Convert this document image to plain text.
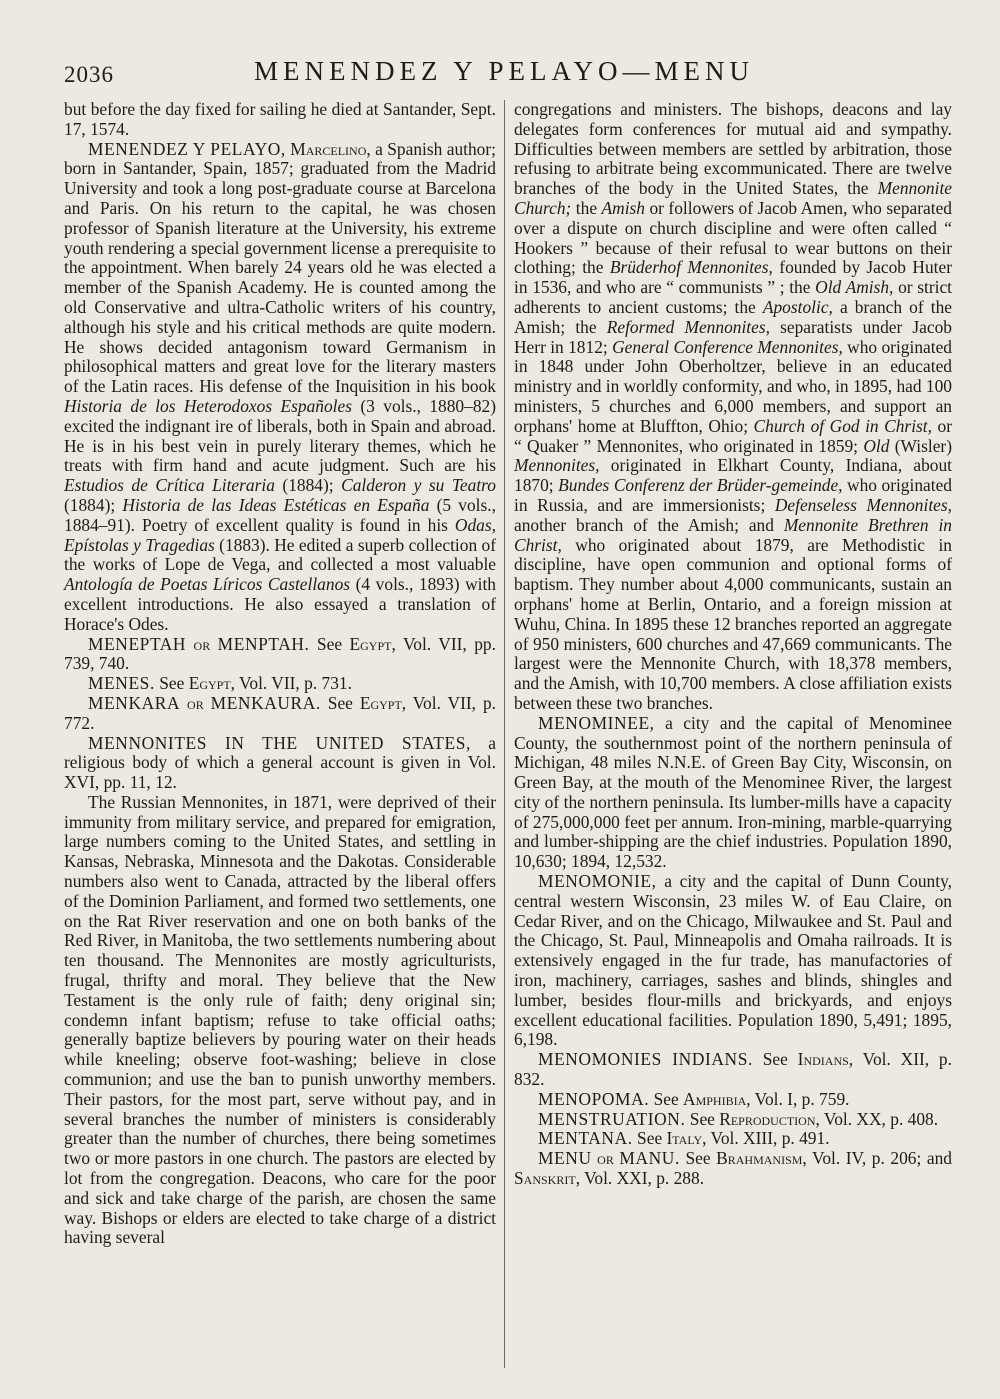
2036	MENENDEZ Y PELAYO—MENU

but before the day fixed for sailing he died at Santander, Sept. 17, 1574.

MENENDEZ Y PELAYO, Marcelino, a Spanish author; born in Santander, Spain, 1857; graduated from the Madrid University and took a long post-graduate course at Barcelona and Paris. On his return to the capital, he was chosen professor of Spanish literature at the University, his extreme youth rendering a special government license a prerequisite to the appointment. When barely 24 years old he was elected a member of the Spanish Academy. He is counted among the old Conservative and ultra-Catholic writers of his country, although his style and his critical methods are quite modern. He shows decided antagonism toward Germanism in philosophical matters and great love for the literary masters of the Latin races. His defense of the Inquisition in his book Historia de los Heterodoxos Españoles (3 vols., 1880–82) excited the indignant ire of liberals, both in Spain and abroad. He is in his best vein in purely literary themes, which he treats with firm hand and acute judgment. Such are his Estudios de Crítica Literaria (1884); Calderon y su Teatro (1884); Historia de las Ideas Estéticas en España (5 vols., 1884–91). Poetry of excellent quality is found in his Odas, Epístolas y Tragedias (1883). He edited a superb collection of the works of Lope de Vega, and collected a most valuable Antología de Poetas Líricos Castellanos (4 vols., 1893) with excellent introductions. He also essayed a translation of Horace's Odes.

MENEPTAH or MENPTAH. See Egypt, Vol. VII, pp. 739, 740.

MENES. See Egypt, Vol. VII, p. 731.

MENKARA or MENKAURA. See Egypt, Vol. VII, p. 772.

MENNONITES IN THE UNITED STATES, a religious body of which a general account is given in Vol. XVI, pp. 11, 12.

The Russian Mennonites, in 1871, were deprived of their immunity from military service, and prepared for emigration, large numbers coming to the United States, and settling in Kansas, Nebraska, Minnesota and the Dakotas. Considerable numbers also went to Canada, attracted by the liberal offers of the Dominion Parliament, and formed two settlements, one on the Rat River reservation and one on both banks of the Red River, in Manitoba, the two settlements numbering about ten thousand. The Mennonites are mostly agriculturists, frugal, thrifty and moral. They believe that the New Testament is the only rule of faith; deny original sin; condemn infant baptism; refuse to take official oaths; generally baptize believers by pouring water on their heads while kneeling; observe foot-washing; believe in close communion; and use the ban to punish unworthy members. Their pastors, for the most part, serve without pay, and in several branches the number of ministers is considerably greater than the number of churches, there being sometimes two or more pastors in one church. The pastors are elected by lot from the congregation. Deacons, who care for the poor and sick and take charge of the parish, are chosen the same way. Bishops or elders are elected to take charge of a district having several

congregations and ministers. The bishops, deacons and lay delegates form conferences for mutual aid and sympathy. Difficulties between members are settled by arbitration, those refusing to arbitrate being excommunicated. There are twelve branches of the body in the United States, the Mennonite Church; the Amish or followers of Jacob Amen, who separated over a dispute on church discipline and were often called “ Hookers ” because of their refusal to wear buttons on their clothing; the Brüderhof Mennonites, founded by Jacob Huter in 1536, and who are “ communists ” ; the Old Amish, or strict adherents to ancient customs; the Apostolic, a branch of the Amish; the Reformed Mennonites, separatists under Jacob Herr in 1812; General Conference Mennonites, who originated in 1848 under John Oberholtzer, believe in an educated ministry and in worldly conformity, and who, in 1895, had 100 ministers, 5 churches and 6,000 members, and support an orphans' home at Bluffton, Ohio; Church of God in Christ, or “ Quaker ” Mennonites, who originated in 1859; Old (Wisler) Mennonites, originated in Elkhart County, Indiana, about 1870; Bundes Conferenz der Brüder-gemeinde, who originated in Russia, and are immersionists; Defenseless Mennonites, another branch of the Amish; and Mennonite Brethren in Christ, who originated about 1879, are Methodistic in discipline, have open communion and optional forms of baptism. They number about 4,000 communicants, sustain an orphans' home at Berlin, Ontario, and a foreign mission at Wuhu, China. In 1895 these 12 branches reported an aggregate of 950 ministers, 600 churches and 47,669 communicants. The largest were the Mennonite Church, with 18,378 members, and the Amish, with 10,700 members. A close affiliation exists between these two branches.

MENOMINEE, a city and the capital of Menominee County, the southernmost point of the northern peninsula of Michigan, 48 miles N.N.E. of Green Bay City, Wisconsin, on Green Bay, at the mouth of the Menominee River, the largest city of the northern peninsula. Its lumber-mills have a capacity of 275,000,000 feet per annum. Iron-mining, marble-quarrying and lumber-shipping are the chief industries. Population 1890, 10,630; 1894, 12,532.

MENOMONIE, a city and the capital of Dunn County, central western Wisconsin, 23 miles W. of Eau Claire, on Cedar River, and on the Chicago, Milwaukee and St. Paul and the Chicago, St. Paul, Minneapolis and Omaha railroads. It is extensively engaged in the fur trade, has manufactories of iron, machinery, carriages, sashes and blinds, shingles and lumber, besides flour-mills and brickyards, and enjoys excellent educational facilities. Population 1890, 5,491; 1895, 6,198.

MENOMONIES INDIANS. See Indians, Vol. XII, p. 832.

MENOPOMA. See Amphibia, Vol. I, p. 759.

MENSTRUATION. See Reproduction, Vol. XX, p. 408.

MENTANA. See Italy, Vol. XIII, p. 491.

MENU or MANU. See Brahmanism, Vol. IV, p. 206; and Sanskrit, Vol. XXI, p. 288.
